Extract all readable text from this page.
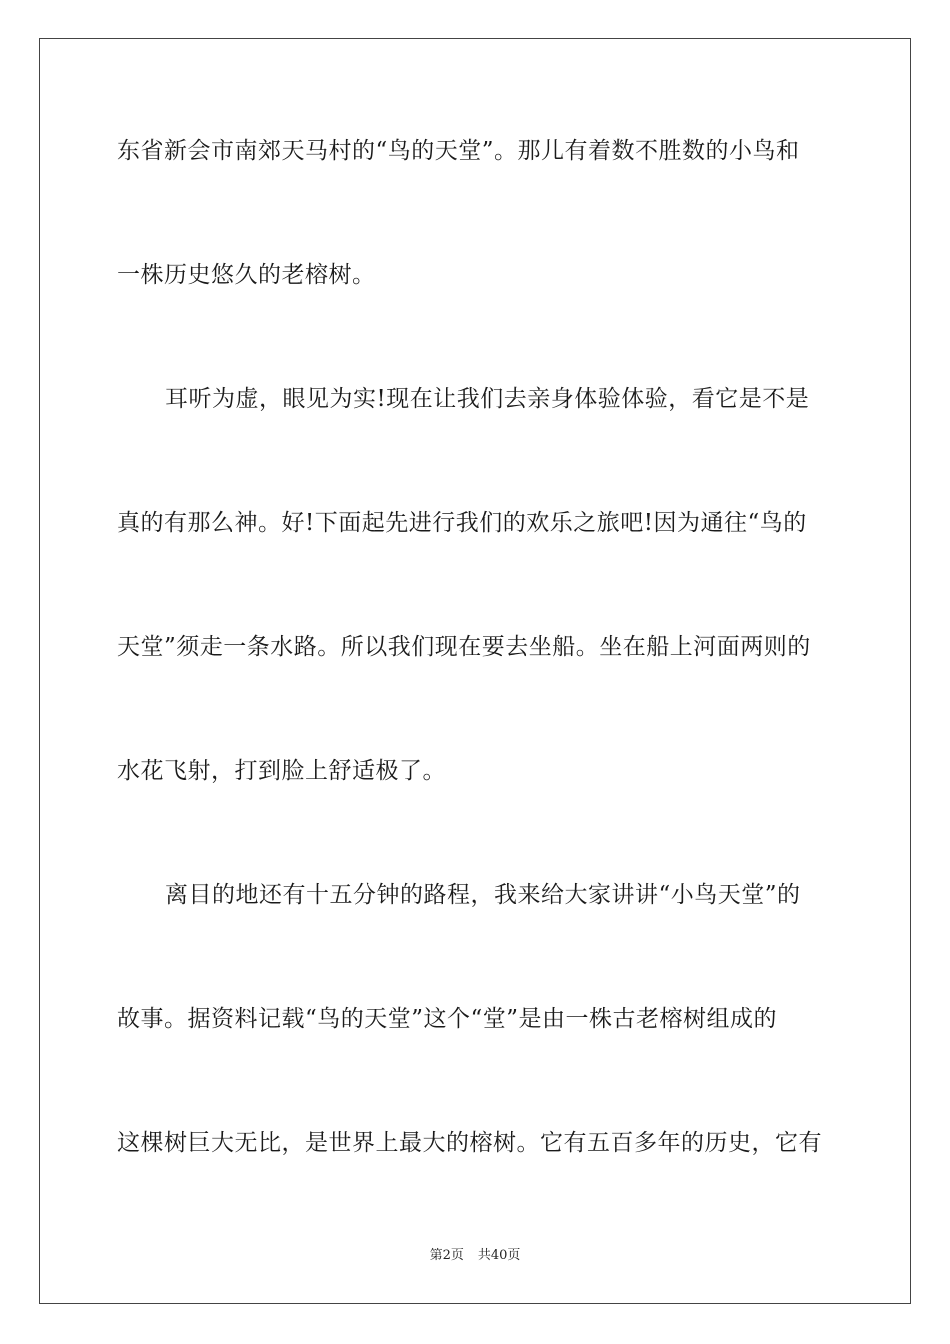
东省新会市南郊天马村的“鸟的天堂”。那儿有着数不胜数的小鸟和
一株历史悠久的老榕树。
耳听为虚，眼见为实!现在让我们去亲身体验体验，看它是不是
真的有那么神。好!下面起先进行我们的欢乐之旅吧!因为通往“鸟的
天堂”须走一条水路。所以我们现在要去坐船。坐在船上河面两则的
水花飞射，打到脸上舒适极了。
离目的地还有十五分钟的路程，我来给大家讲讲“小鸟天堂”的
故事。据资料记载“鸟的天堂”这个“堂”是由一株古老榕树组成的
这棵树巨大无比，是世界上最大的榕树。它有五百多年的历史，它有
第2页 共40页
